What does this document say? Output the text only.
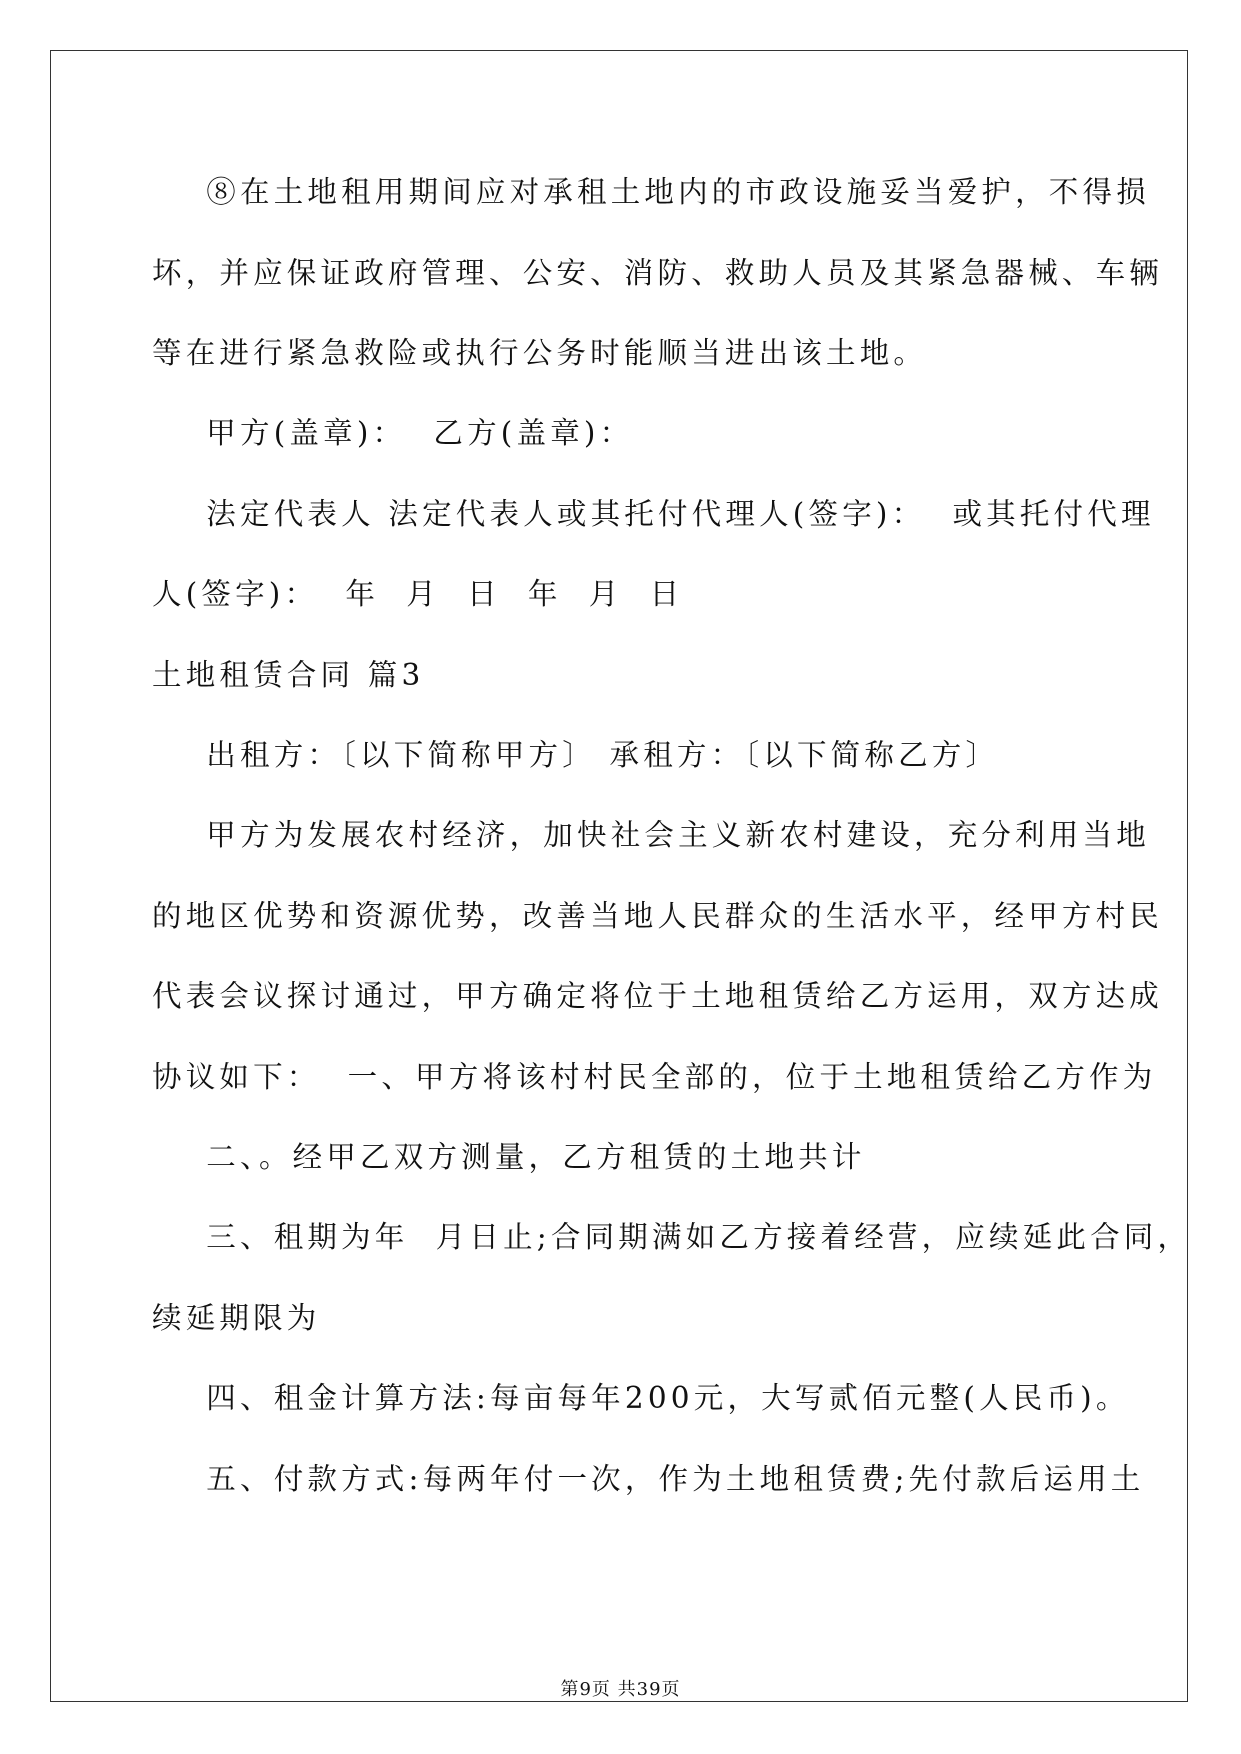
⑧在土地租用期间应对承租土地内的市政设施妥当爱护，不得损
坏，并应保证政府管理、公安、消防、救助人员及其紧急器械、车辆
等在进行紧急救险或执行公务时能顺当进出该土地。
甲方(盖章)：  乙方(盖章)：
法定代表人 法定代表人或其托付代理人(签字)：  或其托付代理
人(签字)：  年  月  日  年  月  日
土地租赁合同 篇3
出租方：〔以下简称甲方〕 承租方：〔以下简称乙方〕
甲方为发展农村经济，加快社会主义新农村建设，充分利用当地
的地区优势和资源优势，改善当地人民群众的生活水平，经甲方村民
代表会议探讨通过，甲方确定将位于土地租赁给乙方运用，双方达成
协议如下：  一、甲方将该村村民全部的，位于土地租赁给乙方作为
二、。经甲乙双方测量，乙方租赁的土地共计
三、租期为年  月日止;合同期满如乙方接着经营，应续延此合同，
续延期限为
四、租金计算方法:每亩每年200元，大写贰佰元整(人民币)。
五、付款方式:每两年付一次，作为土地租赁费;先付款后运用土
第9页 共39页
